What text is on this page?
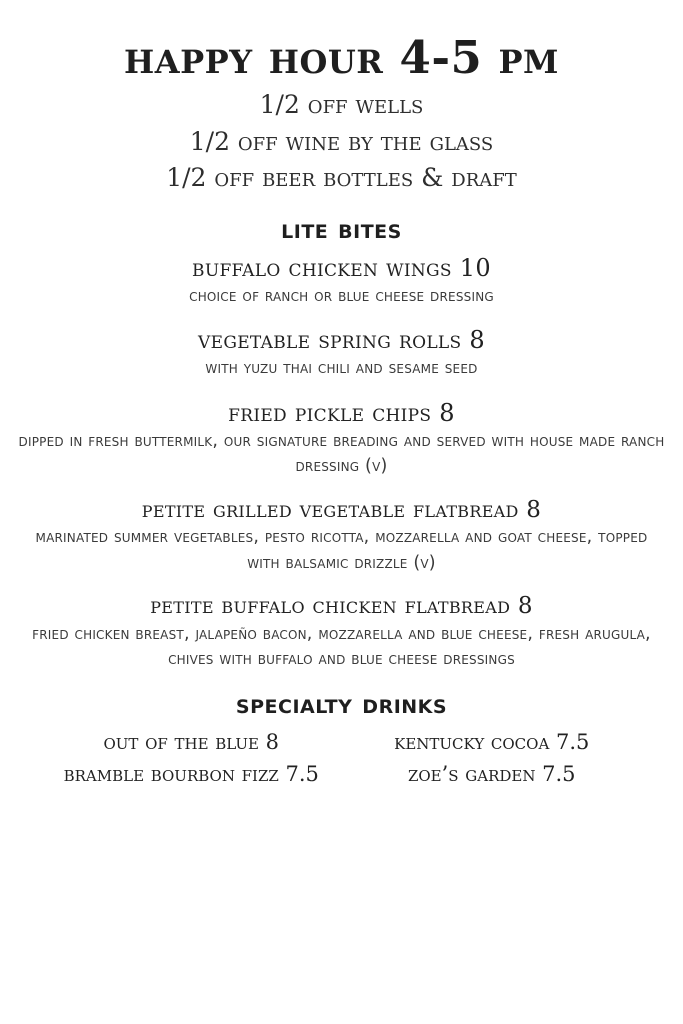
happy hour 4-5 pm

1/2 off wells

1/2 off wine by the glass

1/2 off beer bottles & draft

lite bites

buffalo chicken wings 10

choice of ranch or blue cheese dressing

vegetable spring rolls 8

with yuzu thai chili and sesame seed

fried pickle chips 8

dipped in fresh buttermilk, our signature breading and served with house made ranch dressing (v)

petite grilled vegetable flatbread 8

marinated summer vegetables, pesto ricotta, mozzarella and goat cheese, topped with balsamic drizzle (v)

petite buffalo chicken flatbread 8

fried chicken breast, jalapeño bacon, mozzarella and blue cheese, fresh arugula, chives with buffalo and blue cheese dressings

specialty drinks
out of the blue 8	kentucky cocoa 7.5
bramble bourbon fizz 7.5	zoe’s garden 7.5
